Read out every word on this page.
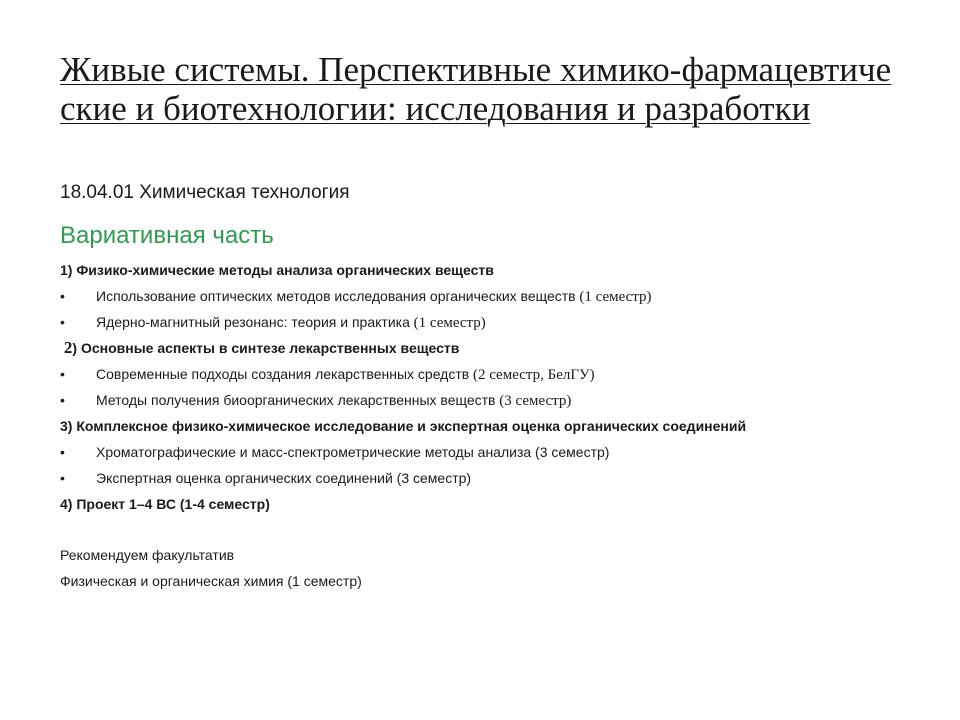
Живые системы. Перспективные химико-фармацевтические и биотехнологии: исследования и разработки
18.04.01 Химическая технология
Вариативная часть
1) Физико-химические методы анализа органических веществ
• Использование оптических методов исследования органических веществ (1 семестр)
• Ядерно-магнитный резонанс: теория и практика (1 семестр)
2) Основные аспекты в синтезе лекарственных веществ
• Современные подходы создания лекарственных средств (2 семестр, БелГУ)
• Методы получения биоорганических лекарственных веществ (3 семестр)
3) Комплексное физико-химическое исследование и экспертная оценка органических соединений
• Хроматографические и масс-спектрометрические методы анализа (3 семестр)
• Экспертная оценка органических соединений (3 семестр)
4) Проект 1–4 ВС (1-4 семестр)
Рекомендуем факультатив
Физическая и органическая химия (1 семестр)
